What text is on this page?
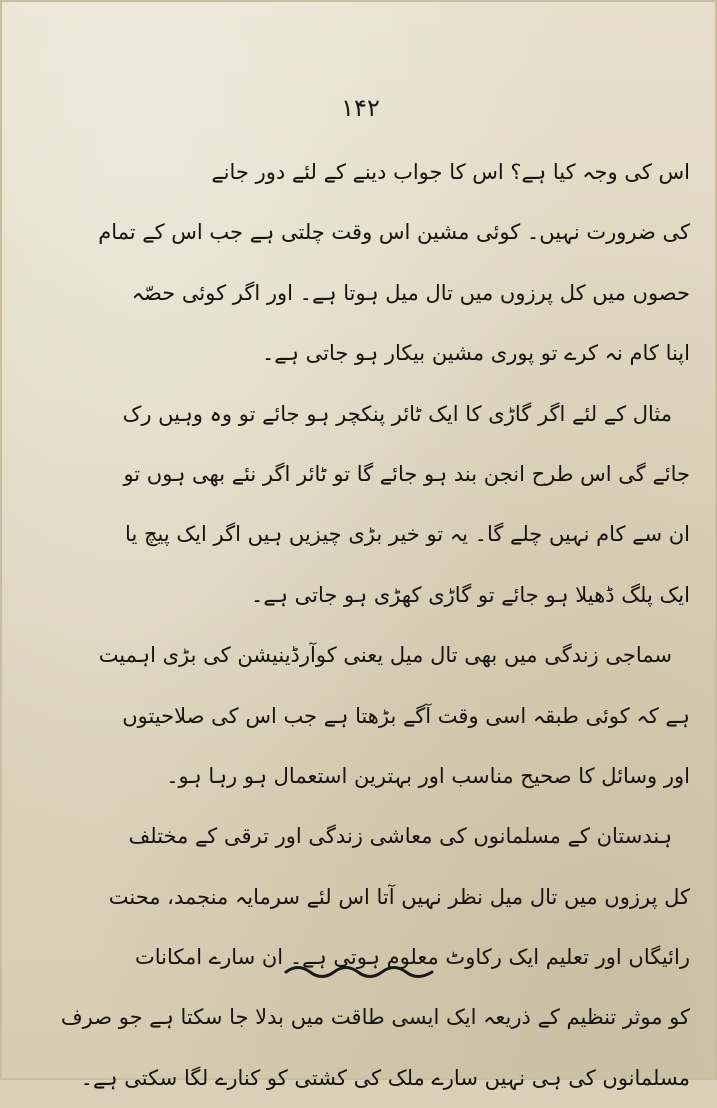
۱۴۲
اس کی وجہ کیا ہے؟ اس کا جواب دینے کے لئے دور جانے
کی ضرورت نہیں۔ کوئی مشین اس وقت چلتی ہے جب اس کے تمام
حصوں میں کل پرزوں میں تال میل ہوتا ہے۔ اور اگر کوئی حصّہ
اپنا کام نہ کرے تو پوری مشین بیکار ہو جاتی ہے۔
مثال کے لئے اگر گاڑی کا ایک ٹائر پنکچر ہو جائے تو وہ وہیں رک
جائے گی اس طرح انجن بند ہو جائے گا تو ٹائر اگر نئے بھی ہوں تو
ان سے کام نہیں چلے گا۔ یہ تو خیر بڑی چیزیں ہیں اگر ایک پیچ یا
ایک پلگ ڈھیلا ہو جائے تو گاڑی کھڑی ہو جاتی ہے۔
سماجی زندگی میں بھی تال میل یعنی کوآرڈینیشن کی بڑی اہمیت
ہے کہ کوئی طبقہ اسی وقت آگے بڑھتا ہے جب اس کی صلاحیتوں
اور وسائل کا صحیح مناسب اور بہترین استعمال ہو رہا ہو۔
ہندستان کے مسلمانوں کی معاشی زندگی اور ترقی کے مختلف
کل پرزوں میں تال میل نظر نہیں آتا اس لئے سرمایہ منجمد، محنت
رائیگاں اور تعلیم ایک رکاوٹ معلوم ہوتی ہے۔ ان سارے امکانات
کو موثر تنظیم کے ذریعہ ایک ایسی طاقت میں بدلا جا سکتا ہے جو صرف
مسلمانوں کی ہی نہیں سارے ملک کی کشتی کو کنارے لگا سکتی ہے۔
